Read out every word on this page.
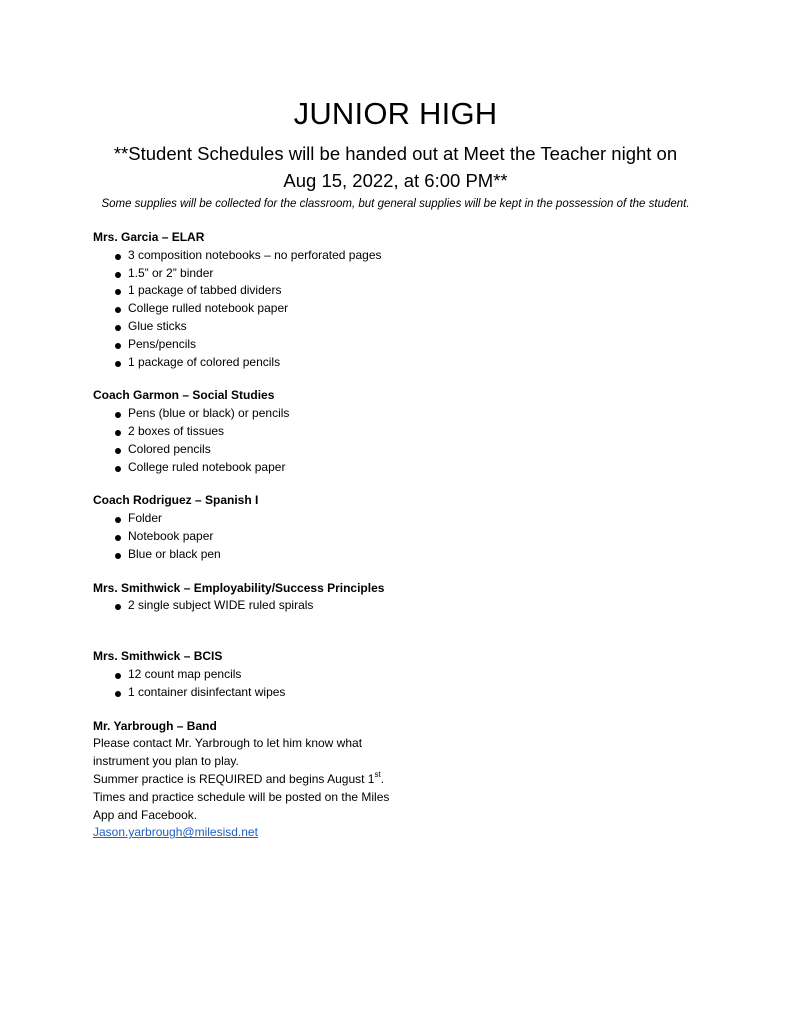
JUNIOR HIGH
**Student Schedules will be handed out at Meet the Teacher night on
Aug 15, 2022, at 6:00 PM**
Some supplies will be collected for the classroom, but general supplies will be kept in the possession of the student.
Mrs. Garcia – ELAR
3 composition notebooks – no perforated pages
1.5” or 2” binder
1 package of tabbed dividers
College rulled notebook paper
Glue sticks
Pens/pencils
1 package of colored pencils
Coach Garmon – Social Studies
Pens (blue or black) or pencils
2 boxes of tissues
Colored pencils
College ruled notebook paper
Coach Rodriguez – Spanish I
Folder
Notebook paper
Blue or black pen
Mrs. Smithwick – Employability/Success Principles
2 single subject WIDE ruled spirals
Mrs. Smithwick – BCIS
12 count map pencils
1 container disinfectant wipes
Mr. Yarbrough – Band
Please contact Mr. Yarbrough to let him know what
instrument you plan to play.
Summer practice is REQUIRED and begins August 1st.
Times and practice schedule will be posted on the Miles
App and Facebook.
Jason.yarbrough@milesisd.net
